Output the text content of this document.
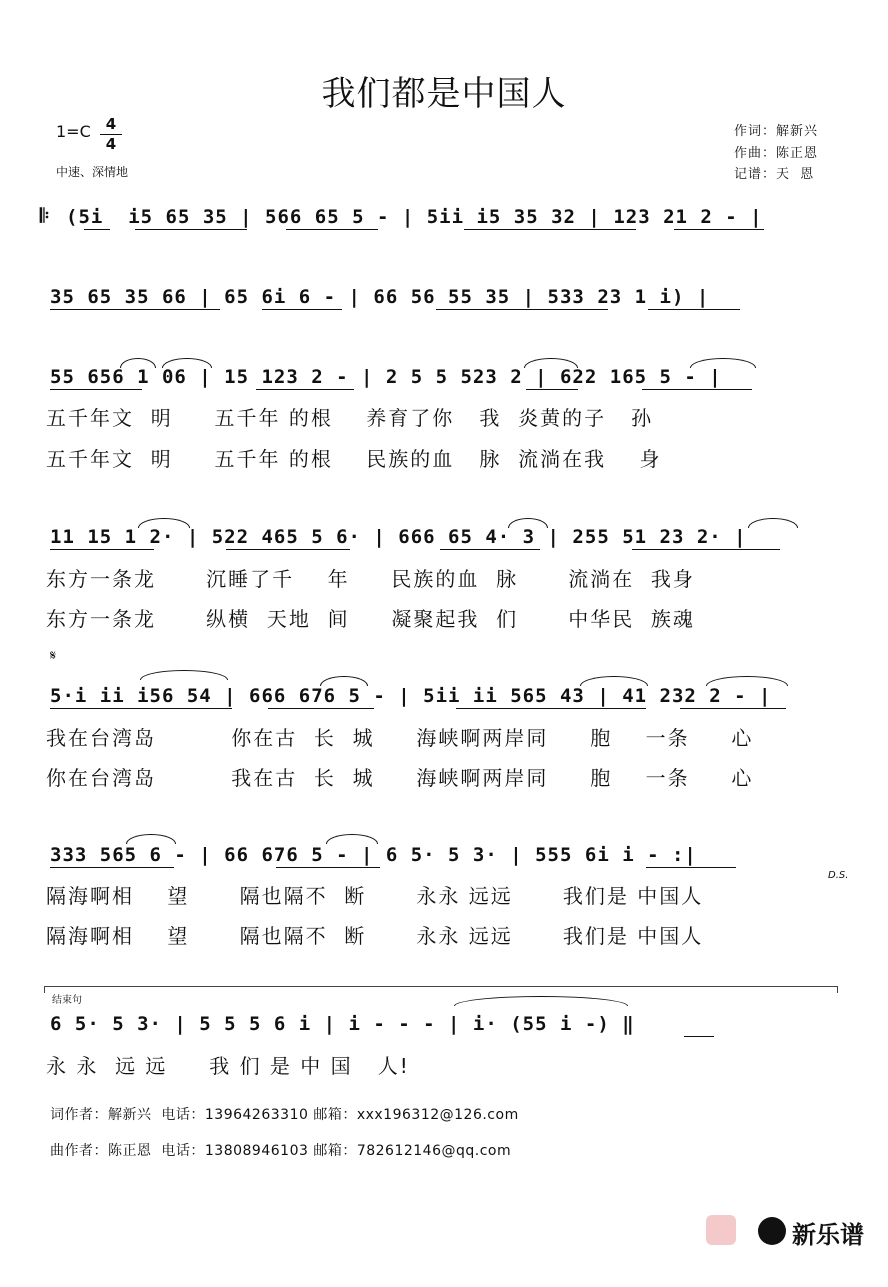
我们都是中国人
1=C	4
4
中速、深情地
作词：解新兴
作曲：陈正恩
记谱：天  恩
𝄆 (5i  i5 65 35 | 566 65 5 - | 5ii i5 35 32 | 123 21 2 - |
35 65 35 66 | 65 6i 6 - | 66 56 55 35 | 533 23 1 i) |
55 656 1 06 | 15 123 2 - | 2 5 5 523 2 | 622 165 5 - |
五千年文  明     五千年 的根    养育了你   我  炎黄的子   孙
五千年文  明     五千年 的根    民族的血   脉  流淌在我    身
11 15 1 2· | 522 465 5 6· | 666 65 4· 3 | 255 51 23 2· |
东方一条龙      沉睡了千    年     民族的血  脉      流淌在  我身
东方一条龙      纵横  天地  间     凝聚起我  们      中华民  族魂
𝄋
5·i ii i56 54 | 666 676 5 - | 5ii ii 565 43 | 41 232 2 - |
我在台湾岛         你在古  长  城     海峡啊两岸同     胞    一条     心
你在台湾岛         我在古  长  城     海峡啊两岸同     胞    一条     心
333 565 6 - | 66 676 5 - | 6 5· 5 3· | 555 6i i - :|
D.S.
隔海啊相    望      隔也隔不  断      永永 远远      我们是 中国人
隔海啊相    望      隔也隔不  断      永永 远远      我们是 中国人
结束句
6 5· 5 3· | 5 5 5 6 i | i - - - | i· (55 i -) ‖
永 永  远 远     我 们 是 中 国   人!
词作者：解新兴  电话：13964263310 邮箱：xxx196312@126.com
曲作者：陈正恩  电话：13808946103 邮箱：782612146@qq.com

新乐谱
